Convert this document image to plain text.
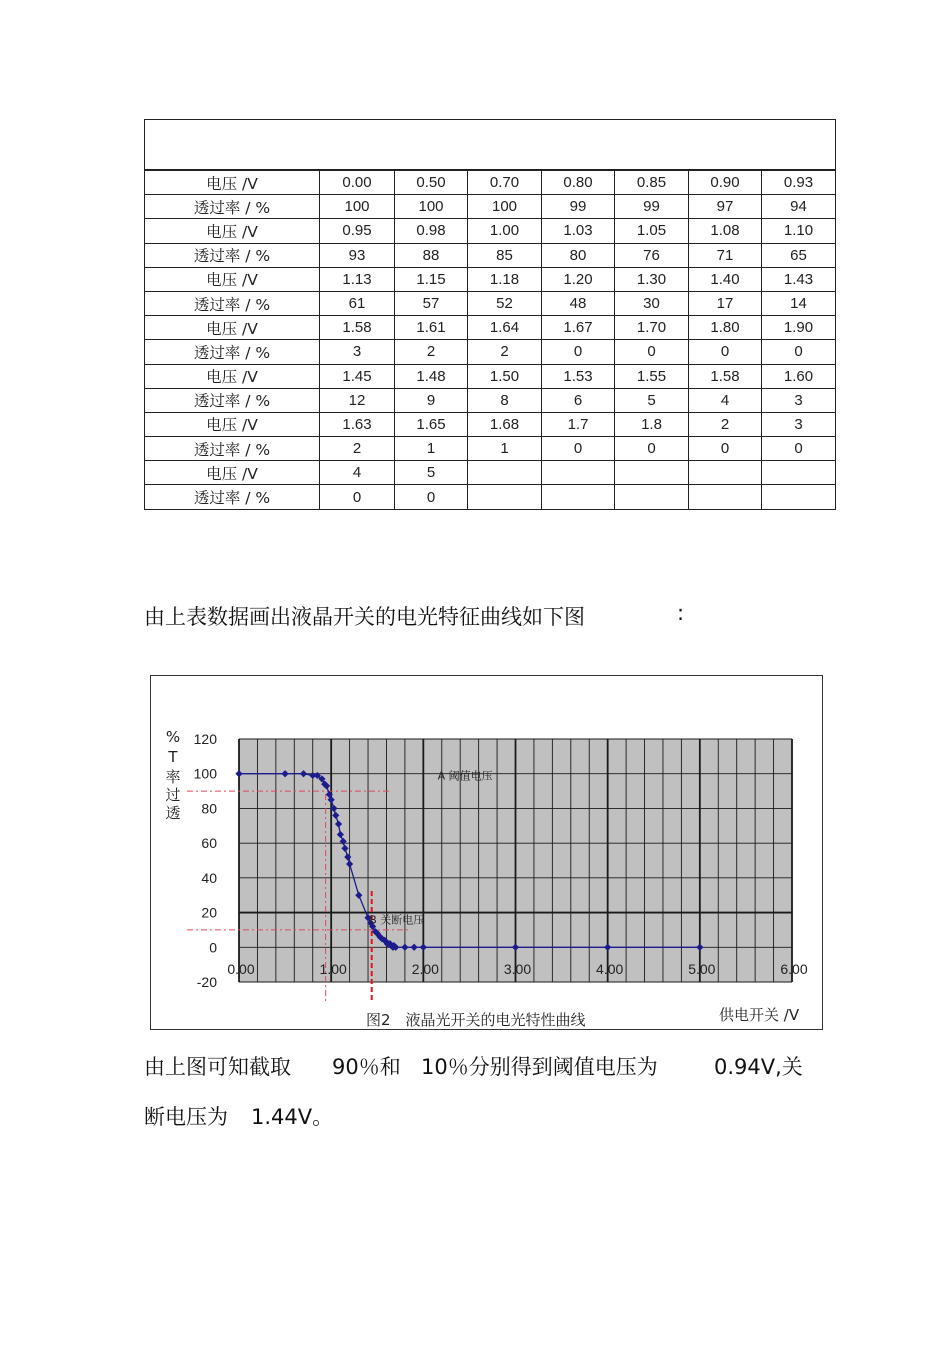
电压 /V	0.00	0.50	0.70	0.80	0.85	0.90	0.93
透过率 / %	100	100	100	99	99	97	94
电压 /V	0.95	0.98	1.00	1.03	1.05	1.08	1.10
透过率 / %	93	88	85	80	76	71	65
电压 /V	1.13	1.15	1.18	1.20	1.30	1.40	1.43
透过率 / %	61	57	52	48	30	17	14
电压 /V	1.58	1.61	1.64	1.67	1.70	1.80	1.90
透过率 / %	3	2	2	0	0	0	0
电压 /V	1.45	1.48	1.50	1.53	1.55	1.58	1.60
透过率 / %	12	9	8	6	5	4	3
电压 /V	1.63	1.65	1.68	1.7	1.8	2	3
透过率 / %	2	1	1	0	0	0	0
电压 /V	4	5					
透过率 / %	0	0					
由上表数据画出液晶开关的电光特征曲线如下图	:
A 阈值电压
B 关断电压
120
100
80
60
40
20
0
-20
0.00	1.00	2.00	3.00	4.00	5.00	6.00
%
T
率
过
透
图2　液晶光开关的电光特性曲线	供电开关 /V
由上图可知截取 90％和 10％分别得到阈值电压为	0.94V,关
断电压为 1.44V。
